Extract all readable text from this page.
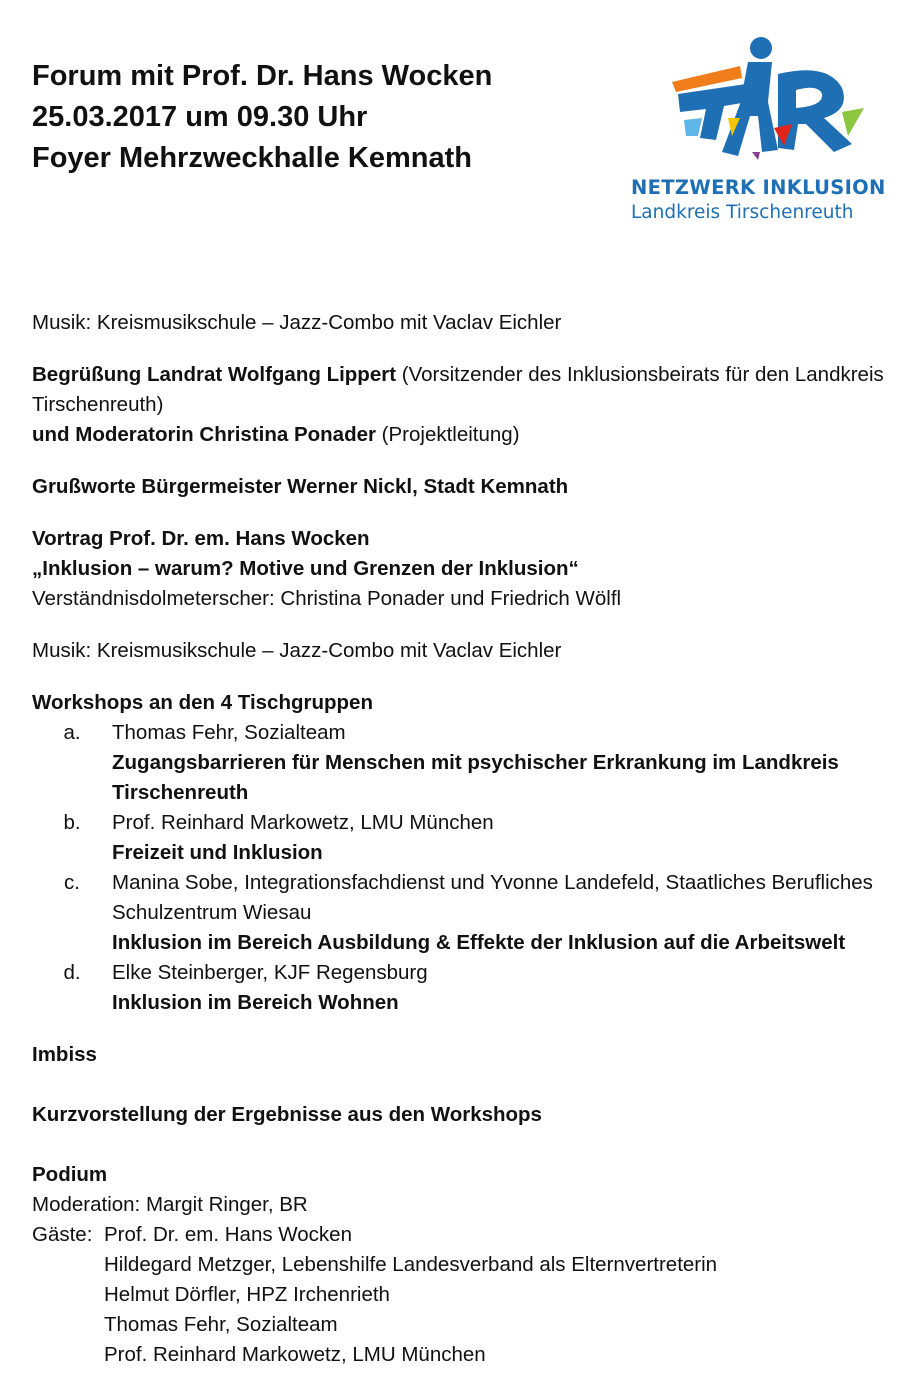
Forum mit Prof. Dr. Hans Wocken
25.03.2017 um 09.30 Uhr
Foyer Mehrzweckhalle Kemnath
NETZWERK INKLUSION
Landkreis Tirschenreuth
Musik: Kreismusikschule – Jazz-Combo mit Vaclav Eichler
Begrüßung Landrat Wolfgang Lippert (Vorsitzender des Inklusionsbeirats für den Landkreis Tirschenreuth)
und Moderatorin Christina Ponader (Projektleitung)
Grußworte Bürgermeister Werner Nickl, Stadt Kemnath
Vortrag Prof. Dr. em. Hans Wocken
„Inklusion – warum? Motive und Grenzen der Inklusion“
Verständnisdolmeterscher: Christina Ponader und Friedrich Wölfl
Musik: Kreismusikschule – Jazz-Combo mit Vaclav Eichler
Workshops an den 4 Tischgruppen
a.	Thomas Fehr, Sozialteam
Zugangsbarrieren für Menschen mit psychischer Erkrankung im Landkreis Tirschenreuth
b.	Prof. Reinhard Markowetz, LMU München
Freizeit und Inklusion
c.	Manina Sobe, Integrationsfachdienst und Yvonne Landefeld, Staatliches Berufliches Schulzentrum Wiesau
Inklusion im Bereich Ausbildung & Effekte der Inklusion auf die Arbeitswelt
d.	Elke Steinberger, KJF Regensburg
Inklusion im Bereich Wohnen
Imbiss
Kurzvorstellung der Ergebnisse aus den Workshops
Podium
Moderation: Margit Ringer, BR
Gäste: Prof. Dr. em. Hans Wocken
Hildegard Metzger, Lebenshilfe Landesverband als Elternvertreterin
Helmut Dörfler, HPZ Irchenrieth
Thomas Fehr, Sozialteam
Prof. Reinhard Markowetz, LMU München
